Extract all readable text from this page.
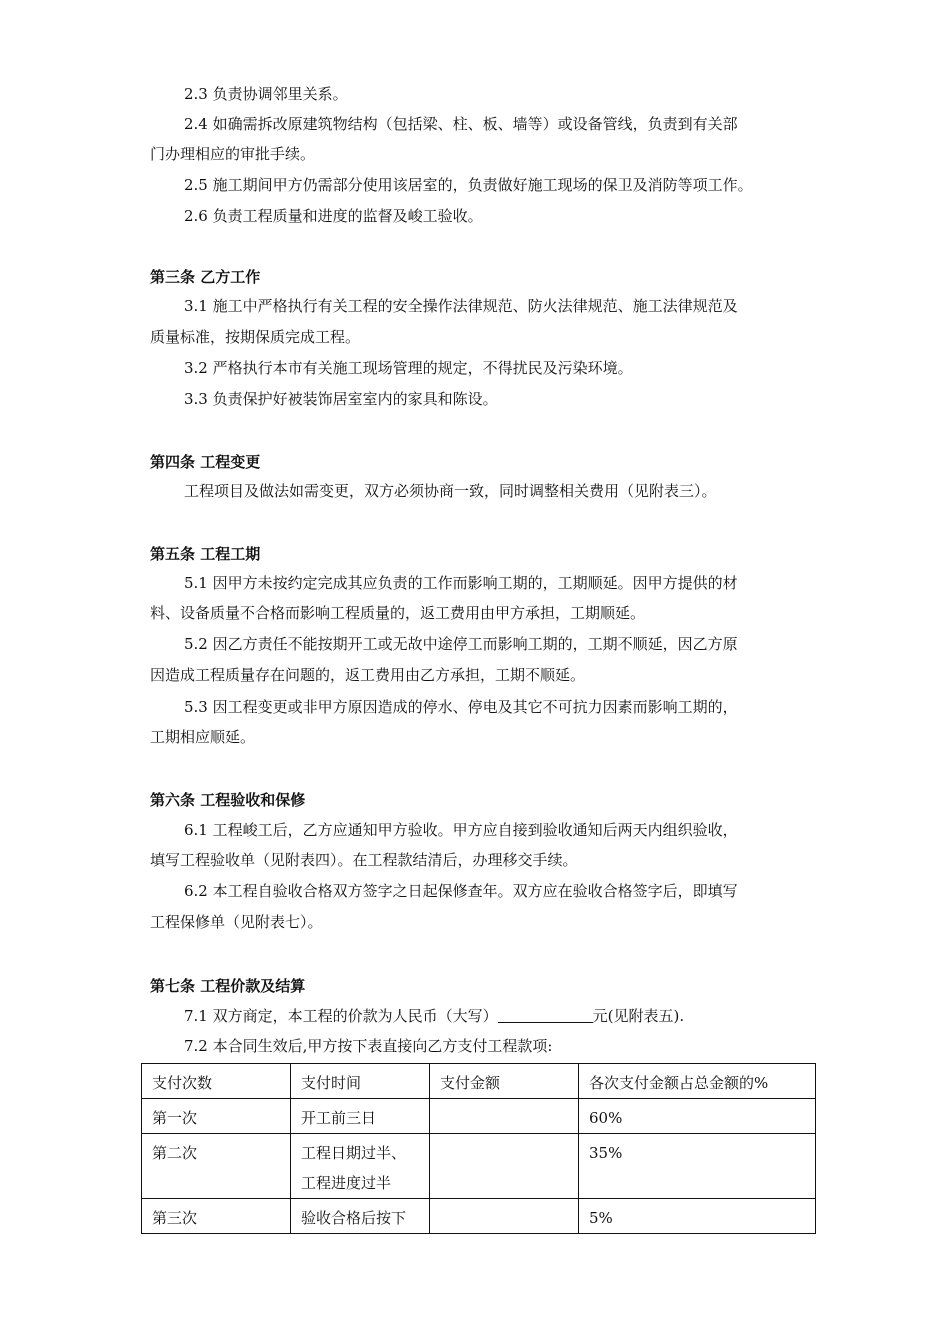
2.3 负责协调邻里关系。
2.4 如确需拆改原建筑物结构（包括梁、柱、板、墙等）或设备管线，负责到有关部
门办理相应的审批手续。
2.5 施工期间甲方仍需部分使用该居室的，负责做好施工现场的保卫及消防等项工作。
2.6 负责工程质量和进度的监督及峻工验收。
第三条 乙方工作
3.1 施工中严格执行有关工程的安全操作法律规范、防火法律规范、施工法律规范及
质量标准，按期保质完成工程。
3.2 严格执行本市有关施工现场管理的规定，不得扰民及污染环境。
3.3 负责保护好被装饰居室室内的家具和陈设。
第四条 工程变更
工程项目及做法如需变更，双方必须协商一致，同时调整相关费用（见附表三）。
第五条 工程工期
5.1 因甲方未按约定完成其应负责的工作而影响工期的，工期顺延。因甲方提供的材
料、设备质量不合格而影响工程质量的，返工费用由甲方承担，工期顺延。
5.2 因乙方责任不能按期开工或无故中途停工而影响工期的，工期不顺延，因乙方原
因造成工程质量存在问题的，返工费用由乙方承担，工期不顺延。
5.3 因工程变更或非甲方原因造成的停水、停电及其它不可抗力因素而影响工期的，
工期相应顺延。
第六条 工程验收和保修
6.1 工程峻工后，乙方应通知甲方验收。甲方应自接到验收通知后两天内组织验收，
填写工程验收单（见附表四）。在工程款结清后，办理移交手续。
6.2 本工程自验收合格双方签字之日起保修查年。双方应在验收合格签字后，即填写
工程保修单（见附表七）。
第七条 工程价款及结算
7.1 双方商定，本工程的价款为人民币（大写）	元(见附表五).
7.2 本合同生效后,甲方按下表直接向乙方支付工程款项:
支付次数	支付时间	支付金额	各次支付金额占总金额的%
第一次	开工前三日		60%
第二次	工程日期过半、
工程进度过半		35%
第三次	验收合格后按下		5%
